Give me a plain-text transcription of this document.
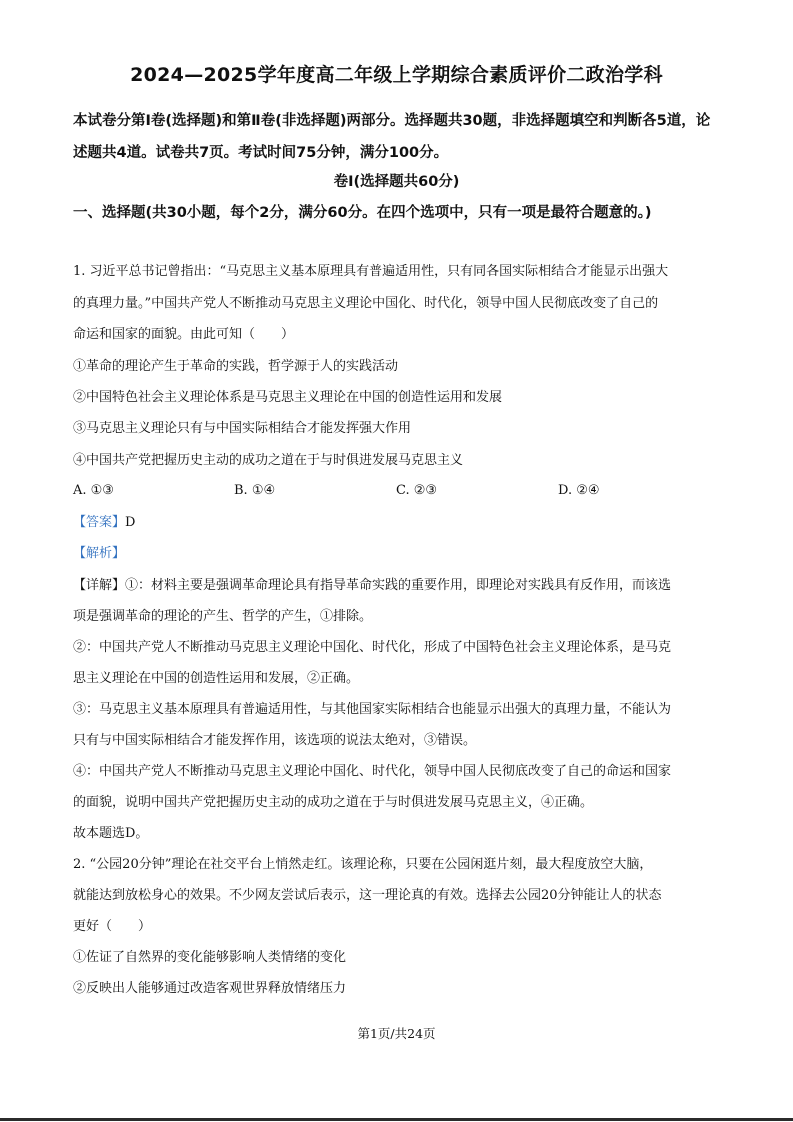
2024—2025学年度高二年级上学期综合素质评价二政治学科
本试卷分第Ⅰ卷(选择题)和第Ⅱ卷(非选择题)两部分。选择题共30题，非选择题填空和判断各5道，论述题共4道。试卷共7页。考试时间75分钟，满分100分。
卷Ⅰ(选择题共60分)
一、选择题(共30小题，每个2分，满分60分。在四个选项中，只有一项是最符合题意的。)
1. 习近平总书记曾指出：“马克思主义基本原理具有普遍适用性，只有同各国实际相结合才能显示出强大
的真理力量。”中国共产党人不断推动马克思主义理论中国化、时代化，领导中国人民彻底改变了自己的
命运和国家的面貌。由此可知（　　）
①革命的理论产生于革命的实践，哲学源于人的实践活动
②中国特色社会主义理论体系是马克思主义理论在中国的创造性运用和发展
③马克思主义理论只有与中国实际相结合才能发挥强大作用
④中国共产党把握历史主动的成功之道在于与时俱进发展马克思主义
A. ①③	B. ①④	C. ②③	D. ②④
【答案】D
【解析】
【详解】①：材料主要是强调革命理论具有指导革命实践的重要作用，即理论对实践具有反作用，而该选
项是强调革命的理论的产生、哲学的产生，①排除。
②：中国共产党人不断推动马克思主义理论中国化、时代化，形成了中国特色社会主义理论体系，是马克
思主义理论在中国的创造性运用和发展，②正确。
③：马克思主义基本原理具有普遍适用性，与其他国家实际相结合也能显示出强大的真理力量，不能认为
只有与中国实际相结合才能发挥作用，该选项的说法太绝对，③错误。
④：中国共产党人不断推动马克思主义理论中国化、时代化，领导中国人民彻底改变了自己的命运和国家
的面貌，说明中国共产党把握历史主动的成功之道在于与时俱进发展马克思主义，④正确。
故本题选D。
2. “公园20分钟”理论在社交平台上悄然走红。该理论称，只要在公园闲逛片刻，最大程度放空大脑，
就能达到放松身心的效果。不少网友尝试后表示，这一理论真的有效。选择去公园20分钟能让人的状态
更好（　　）
①佐证了自然界的变化能够影响人类情绪的变化
②反映出人能够通过改造客观世界释放情绪压力
第1页/共24页
